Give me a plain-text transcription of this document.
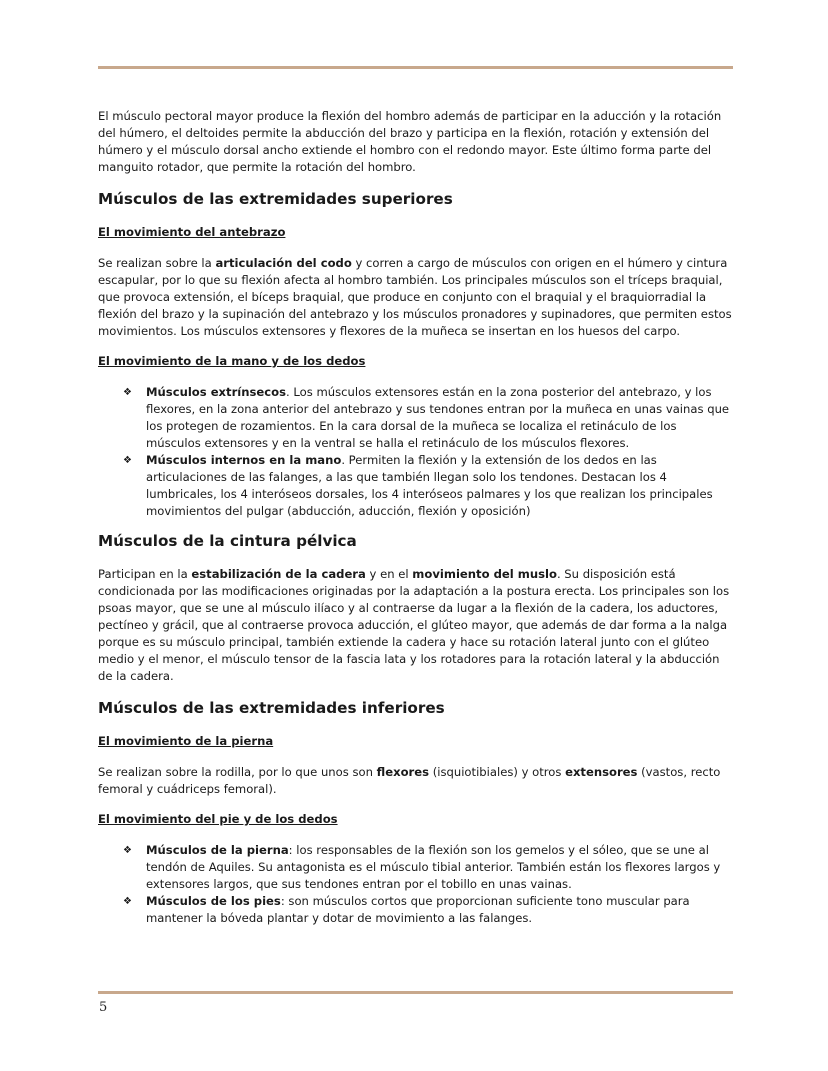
El músculo pectoral mayor produce la flexión del hombro además de participar en la aducción y la rotación del húmero, el deltoides permite la abducción del brazo y participa en la flexión, rotación y extensión del húmero y el músculo dorsal ancho extiende el hombro con el redondo mayor. Este último forma parte del manguito rotador, que permite la rotación del hombro.

Músculos de las extremidades superiores
El movimiento del antebrazo

Se realizan sobre la articulación del codo y corren a cargo de músculos con origen en el húmero y cintura escapular, por lo que su flexión afecta al hombro también. Los principales músculos son el tríceps braquial, que provoca extensión, el bíceps braquial, que produce en conjunto con el braquial y el braquiorradial la flexión del brazo y la supinación del antebrazo y los músculos pronadores y supinadores, que permiten estos movimientos. Los músculos extensores y flexores de la muñeca se insertan en los huesos del carpo.

El movimiento de la mano y de los dedos
❖ Músculos extrínsecos. Los músculos extensores están en la zona posterior del antebrazo, y los flexores, en la zona anterior del antebrazo y sus tendones entran por la muñeca en unas vainas que los protegen de rozamientos. En la cara dorsal de la muñeca se localiza el retináculo de los músculos extensores y en la ventral se halla el retináculo de los músculos flexores.
❖ Músculos internos en la mano. Permiten la flexión y la extensión de los dedos en las articulaciones de las falanges, a las que también llegan solo los tendones. Destacan los 4 lumbricales, los 4 interóseos dorsales, los 4 interóseos palmares y los que realizan los principales movimientos del pulgar (abducción, aducción, flexión y oposición)
Músculos de la cintura pélvica

Participan en la estabilización de la cadera y en el movimiento del muslo. Su disposición está condicionada por las modificaciones originadas por la adaptación a la postura erecta. Los principales son los psoas mayor, que se une al músculo ilíaco y al contraerse da lugar a la flexión de la cadera, los aductores, pectíneo y grácil, que al contraerse provoca aducción, el glúteo mayor, que además de dar forma a la nalga porque es su músculo principal, también extiende la cadera y hace su rotación lateral junto con el glúteo medio y el menor, el músculo tensor de la fascia lata y los rotadores para la rotación lateral y la abducción de la cadera.

Músculos de las extremidades inferiores
El movimiento de la pierna

Se realizan sobre la rodilla, por lo que unos son flexores (isquiotibiales) y otros extensores (vastos, recto femoral y cuádriceps femoral).

El movimiento del pie y de los dedos
❖ Músculos de la pierna: los responsables de la flexión son los gemelos y el sóleo, que se une al tendón de Aquiles. Su antagonista es el músculo tibial anterior. También están los flexores largos y extensores largos, que sus tendones entran por el tobillo en unas vainas.
❖ Músculos de los pies: son músculos cortos que proporcionan suficiente tono muscular para mantener la bóveda plantar y dotar de movimiento a las falanges.
5
